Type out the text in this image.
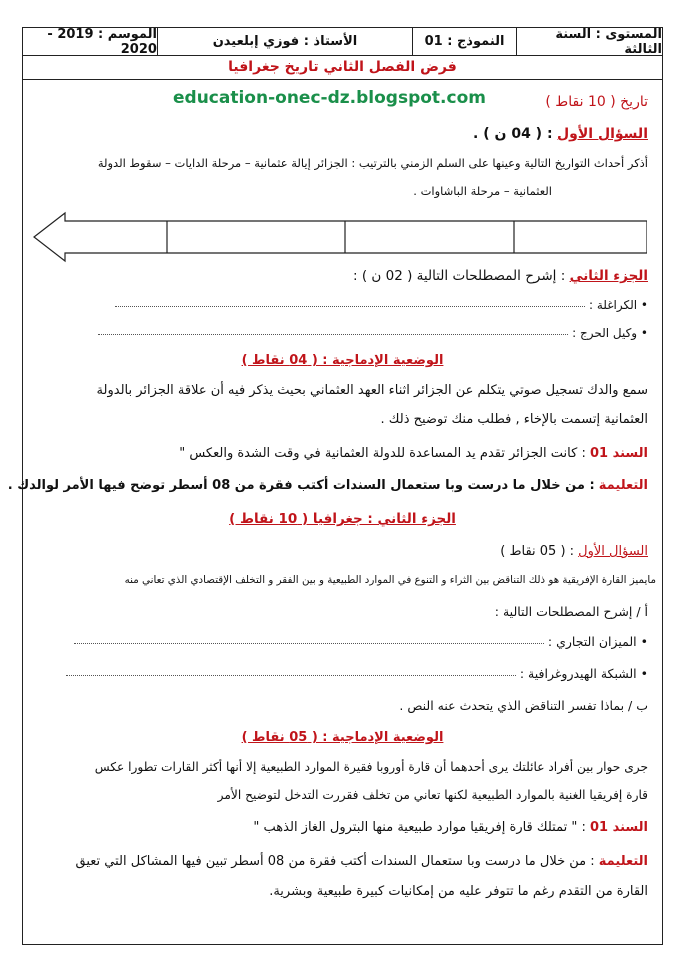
الموسم : 2019 - 2020	الأستاذ : فوزي إبلعيدن	النموذج : 01	المستوى : السنة الثالثة
فرض الفصل الثاني تاريخ جغرافيا
education-onec-dz.blogspot.com	تاريخ ( 10 نقاط )
السؤال الأول : ( 04 ن ) .
أذكر أحداث التواريخ التالية وعينها على السلم الزمني بالترتيب : الجزائر إيالة عثمانية – مرحلة الدايات – سقوط الدولة
العثمانية – مرحلة الباشاوات .
الجزء الثاني : إشرح المصطلحات التالية ( 02 ن ) :
• الكراغلة :
• وكيل الحرج :
الوضعية الإدماجية : ( 04 نقاط )
سمع والدك تسجيل صوتي يتكلم عن الجزائر اثناء العهد العثماني بحيث يذكر فيه أن علاقة الجزائر بالدولة
العثمانية إتسمت بالإخاء , فطلب منك توضيح ذلك .
السند 01 : كانت الجزائر تقدم يد المساعدة للدولة العثمانية في وقت الشدة والعكس "
التعليمة : من خلال ما درست وبا ستعمال السندات أكتب فقرة من 08 أسطر توضح فيها الأمر لوالدك .
الجزء الثاني : جغرافيا ( 10 نقاط )
السؤال الأول : ( 05 نقاط )
مايميز القارة الإفريقية هو ذلك التناقض بين الثراء و التنوع في الموارد الطبيعية و بين الفقر و التخلف الإقتصادي الذي تعاني منه
أ / إشرح المصطلحات التالية :
• الميزان التجاري :
• الشبكة الهيدروغرافية :
ب / بماذا تفسر التناقض الذي يتحدث عنه النص .
الوضعية الإدماجية : ( 05 نقاط )
جرى حوار بين أفراد عائلتك يرى أحدهما أن قارة أوروبا فقيرة الموارد الطبيعية إلا أنها أكثر القارات تطورا عكس
قارة إفريقيا الغنية بالموارد الطبيعية لكنها تعاني من تخلف فقررت التدخل لتوضيح الأمر
السند 01 : " تمتلك قارة إفريقيا موارد طبيعية منها البترول الغاز الذهب "
التعليمة : من خلال ما درست وبا ستعمال السندات أكتب فقرة من 08 أسطر تبين فيها المشاكل التي تعيق
القارة من التقدم رغم ما تتوفر عليه من إمكانيات كبيرة طبيعية وبشرية.
